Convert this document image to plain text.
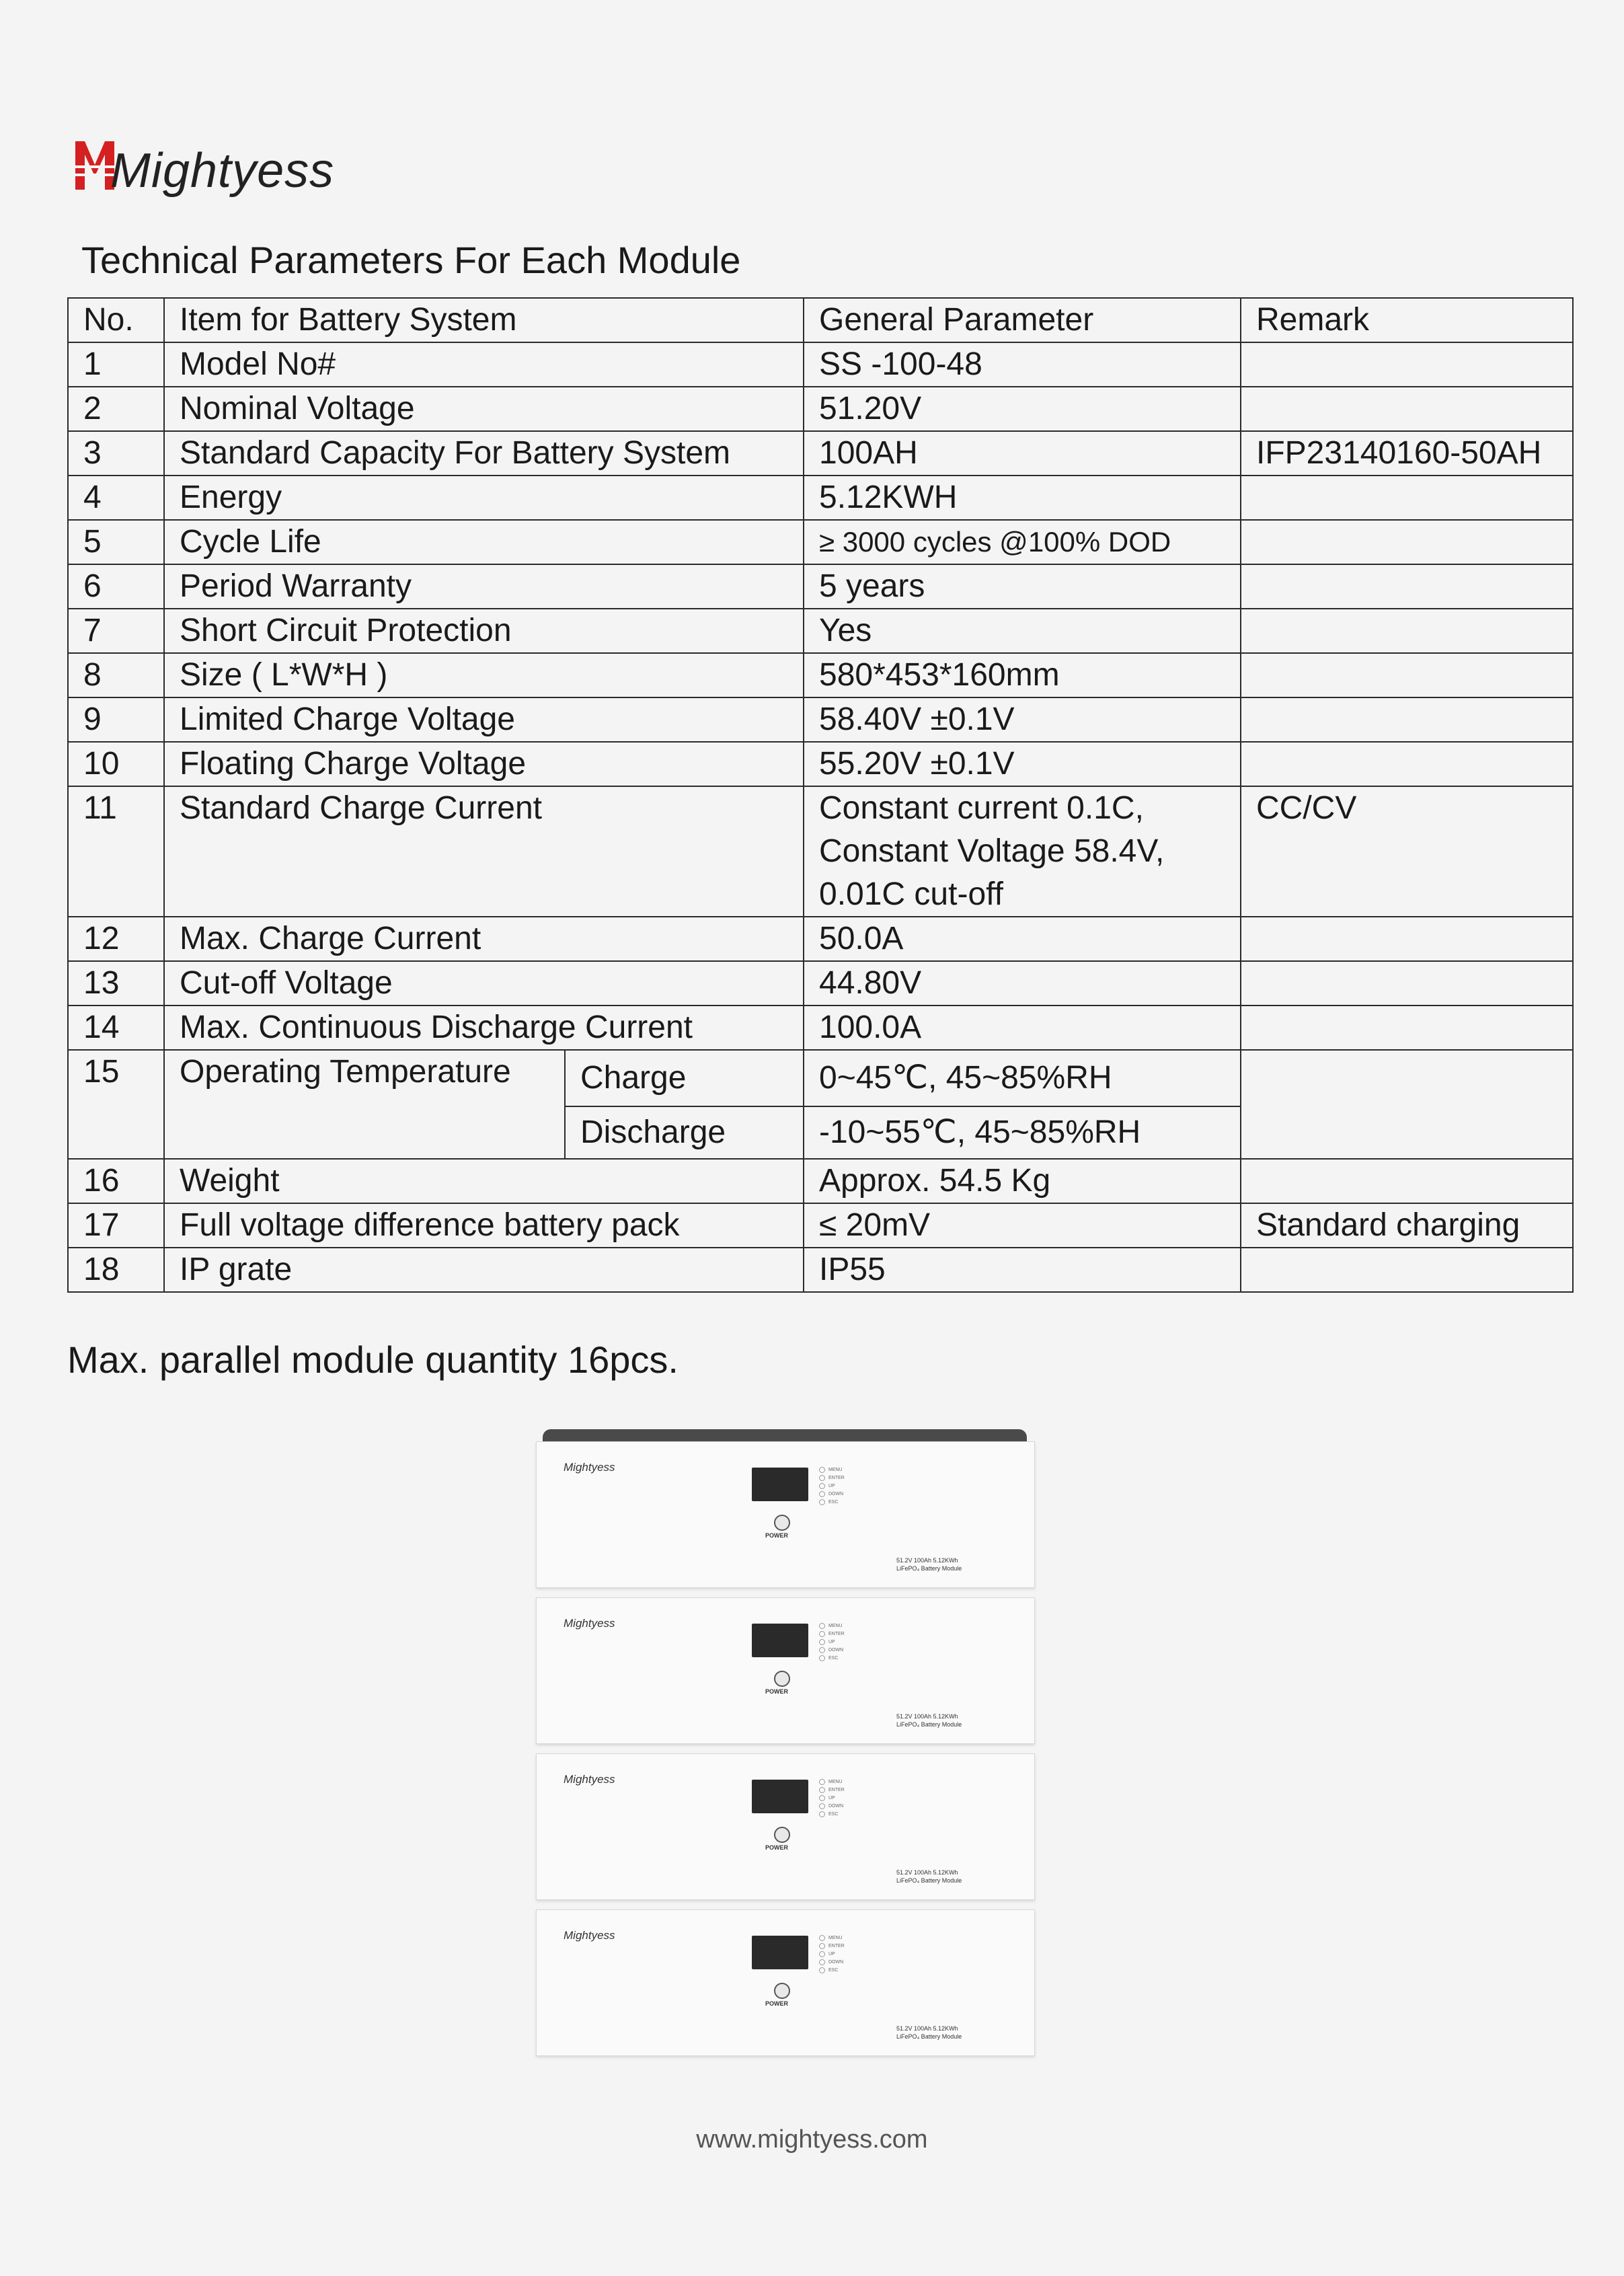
Mightyess
Technical Parameters For Each Module
No.	Item for Battery System		General Parameter	Remark
1	Model No#		SS -100-48	
2	Nominal Voltage		51.20V	
3	Standard Capacity For Battery System		100AH	IFP23140160-50AH
4	Energy		5.12KWH	
5	Cycle Life		≥ 3000 cycles @100% DOD	
6	Period Warranty		5 years	
7	Short Circuit Protection		Yes	
8	Size ( L*W*H )		580*453*160mm	
9	Limited Charge Voltage		58.40V ±0.1V	
10	Floating Charge Voltage		55.20V ±0.1V	
11	Standard Charge Current		Constant current 0.1C, Constant Voltage 58.4V, 0.01C cut-off	CC/CV
12	Max. Charge Current		50.0A	
13	Cut-off Voltage		44.80V	
14	Max. Continuous Discharge Current		100.0A	
15	Operating Temperature	Charge	0~45℃, 45~85%RH	
		Discharge	-10~55℃, 45~85%RH	
16	Weight		Approx. 54.5 Kg	
17	Full voltage difference battery pack		≤ 20mV	Standard charging
18	IP grate		IP55	
Max. parallel module quantity 16pcs.
Mightyess	MENU
ENTER
UP
DOWN
ESC
POWER
51.2V 100Ah 5.12KWh
LiFePO₄ Battery Module
Mightyess	MENU
ENTER
UP
DOWN
ESC
POWER
51.2V 100Ah 5.12KWh
LiFePO₄ Battery Module
Mightyess	MENU
ENTER
UP
DOWN
ESC
POWER
51.2V 100Ah 5.12KWh
LiFePO₄ Battery Module
Mightyess	MENU
ENTER
UP
DOWN
ESC
POWER
51.2V 100Ah 5.12KWh
LiFePO₄ Battery Module
www.mightyess.com
